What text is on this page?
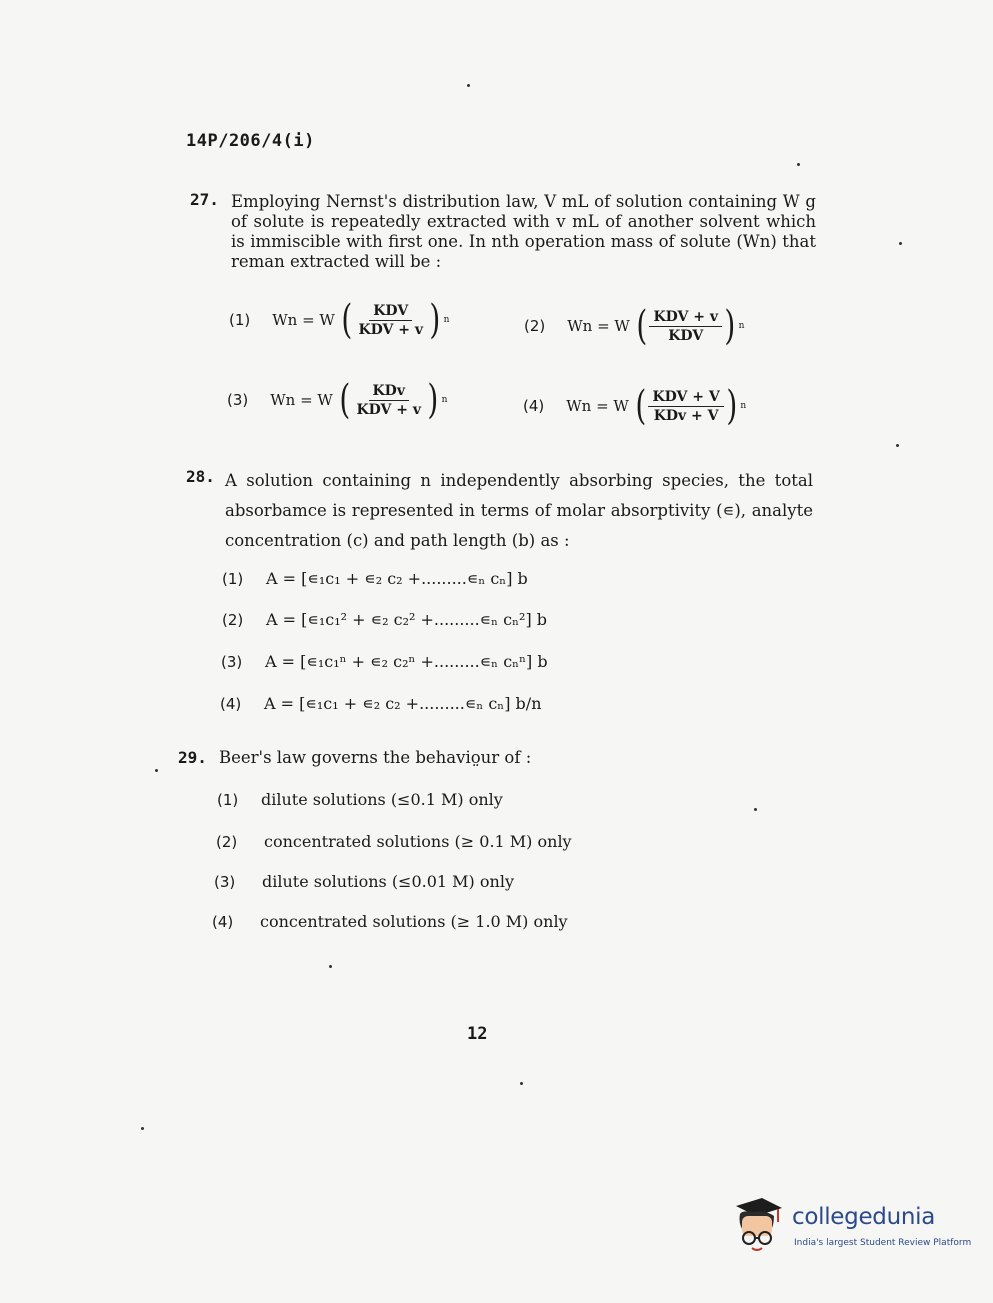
14P/206/4(i)
27. Employing Nernst's distribution law, V mL of solution containing W g of solute is repeatedly extracted with v mL of another solvent which is immiscible with first one. In nth operation mass of solute (Wn) that reman extracted will be :
(1) Wn = W ( $\frac{\text{KDV}}{\text{KDV + v}}$ ) n	(2) Wn = W ( $\frac{\text{KDV + v}}{\text{KDV}}$ ) n
(3) Wn = W ( $\frac{\text{KDv}}{\text{KDV + v}}$ ) n	(4) Wn = W ( $\frac{\text{KDV + V}}{\text{KDv + V}}$ ) n
28. A solution containing n independently absorbing species, the total absorbamce is represented in terms of molar absorptivity (∊), analyte concentration (c) and path length (b) as :
(1) A = [∊₁c₁ + ∊₂ c₂ +.........∊ₙ cₙ] b
(2) A = [∊₁c₁² + ∊₂ c₂² +.........∊ₙ cₙ²] b
(3) A = [∊₁c₁ⁿ + ∊₂ c₂ⁿ +.........∊ₙ cₙⁿ] b
(4) A = [∊₁c₁ + ∊₂ c₂ +.........∊ₙ cₙ] b/n
29. Beer's law governs the behavio̤ur of :
(1) dilute solutions (≤0.1 M) only
(2) concentrated solutions (≥ 0.1 M) only
(3) dilute solutions (≤0.01 M) only
(4) concentrated solutions (≥ 1.0 M) only
12
collegedunia
India's largest Student Review Platform
